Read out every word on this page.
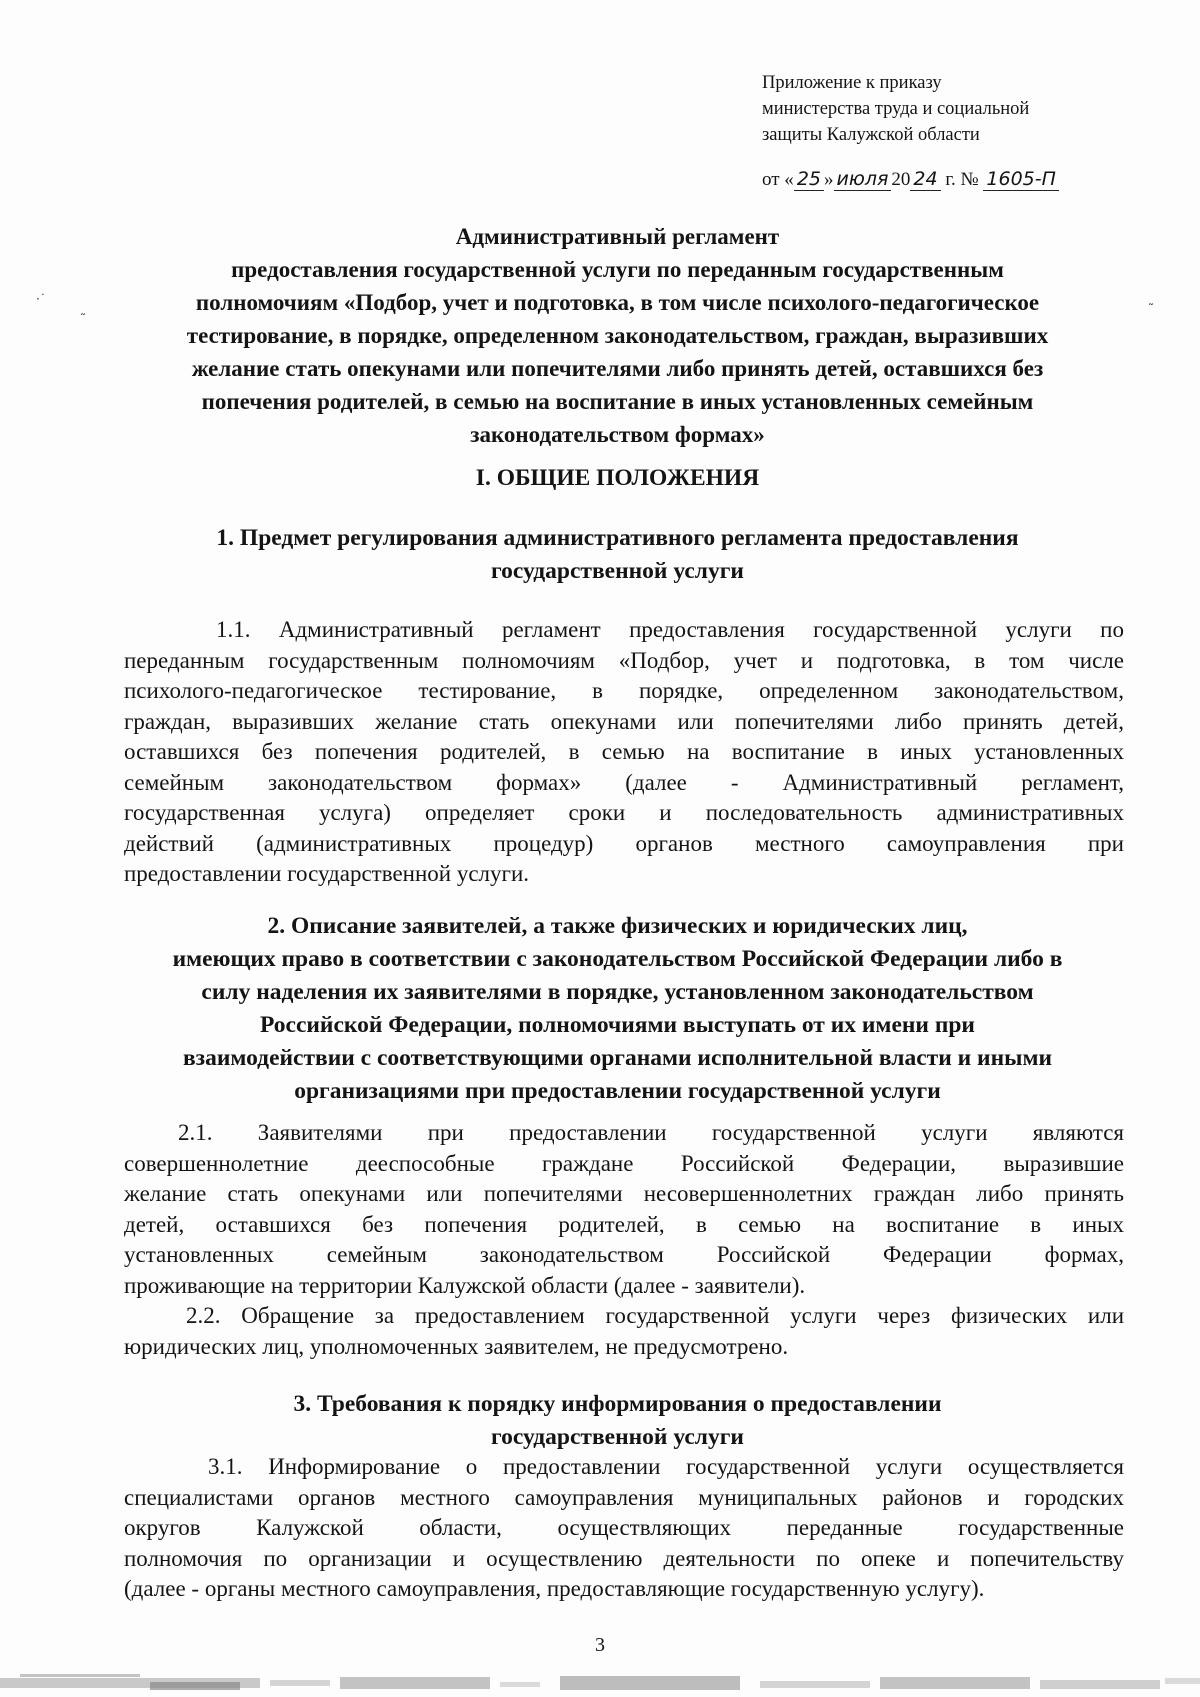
Приложение к приказу
министерства труда и социальной
защиты Калужской области
от « 25 » июля 20 24 г. № 1605-П
·˙
˜
˜
Административный регламент
предоставления государственной услуги по переданным государственным
полномочиям «Подбор, учет и подготовка, в том числе психолого-педагогическое
тестирование, в порядке, определенном законодательством, граждан, выразивших
желание стать опекунами или попечителями либо принять детей, оставшихся без
попечения родителей, в семью на воспитание в иных установленных семейным
законодательством формах»
I. ОБЩИЕ ПОЛОЖЕНИЯ
1. Предмет регулирования административного регламента предоставления
государственной услуги
1.1. Административный регламент предоставления государственной услуги по
переданным государственным полномочиям «Подбор, учет и подготовка, в том числе
психолого-педагогическое тестирование, в порядке, определенном законодательством,
граждан, выразивших желание стать опекунами или попечителями либо принять детей,
оставшихся без попечения родителей, в семью на воспитание в иных установленных
семейным законодательством формах» (далее - Административный регламент,
государственная услуга) определяет сроки и последовательность административных
действий (административных процедур) органов местного самоуправления при
предоставлении государственной услуги.
2. Описание заявителей, а также физических и юридических лиц,
имеющих право в соответствии с законодательством Российской Федерации либо в
силу наделения их заявителями в порядке, установленном законодательством
Российской Федерации, полномочиями выступать от их имени при
взаимодействии с соответствующими органами исполнительной власти и иными
организациями при предоставлении государственной услуги
2.1. Заявителями при предоставлении государственной услуги являются
совершеннолетние дееспособные граждане Российской Федерации, выразившие
желание стать опекунами или попечителями несовершеннолетних граждан либо принять
детей, оставшихся без попечения родителей, в семью на воспитание в иных
установленных семейным законодательством Российской Федерации формах,
проживающие на территории Калужской области (далее - заявители).
2.2. Обращение за предоставлением государственной услуги через физических или
юридических лиц, уполномоченных заявителем, не предусмотрено.
3. Требования к порядку информирования о предоставлении
государственной услуги
3.1. Информирование о предоставлении государственной услуги осуществляется
специалистами органов местного самоуправления муниципальных районов и городских
округов Калужской области, осуществляющих переданные государственные
полномочия по организации и осуществлению деятельности по опеке и попечительству
(далее - органы местного самоуправления, предоставляющие государственную услугу).
3
